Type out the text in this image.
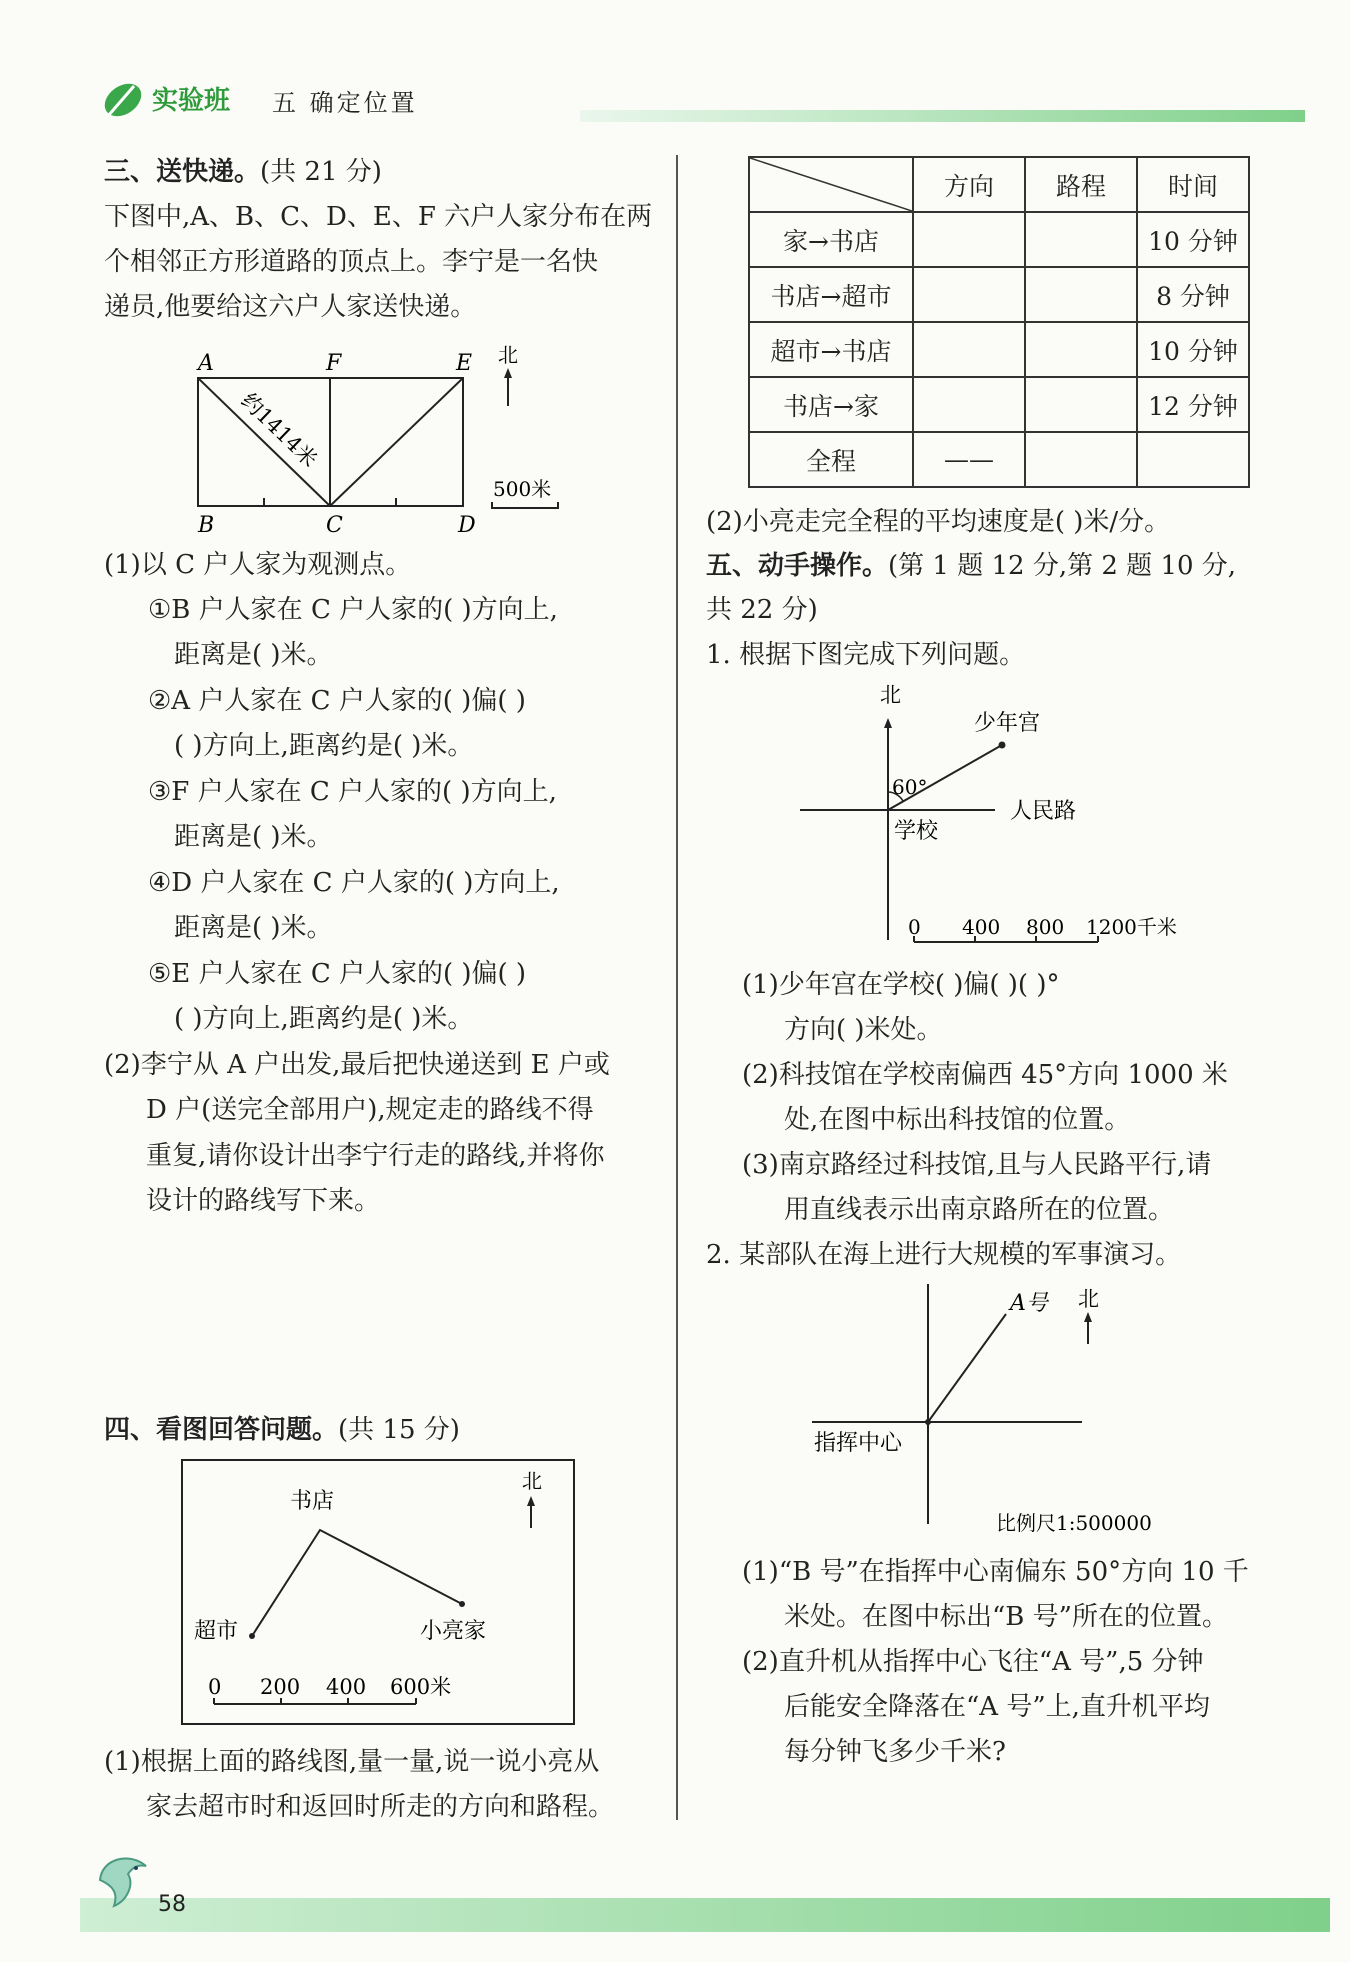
实验班 五 确定位置
三、送快递。(共 21 分)
下图中,A、B、C、D、E、F 六户人家分布在两
个相邻正方形道路的顶点上。李宁是一名快
递员,他要给这六户人家送快递。
A	F	E
B	C	D
约1414米
北
500米
(1)以 C 户人家为观测点。
①B 户人家在 C 户人家的( )方向上,
距离是( )米。
②A 户人家在 C 户人家的( )偏( )
( )方向上,距离约是( )米。
③F 户人家在 C 户人家的( )方向上,
距离是( )米。
④D 户人家在 C 户人家的( )方向上,
距离是( )米。
⑤E 户人家在 C 户人家的( )偏( )
( )方向上,距离约是( )米。
(2)李宁从 A 户出发,最后把快递送到 E 户或
D 户(送完全部用户),规定走的路线不得
重复,请你设计出李宁行走的路线,并将你
设计的路线写下来。
四、看图回答问题。(共 15 分)
书店
超市	小亮家
北
0 200 400 600米
(1)根据上面的路线图,量一量,说一说小亮从
家去超市时和返回时所走的方向和路程。
	方向	路程	时间
家→书店			10 分钟
书店→超市			8 分钟
超市→书店			10 分钟
书店→家			12 分钟
全程	——		
(2)小亮走完全程的平均速度是( )米/分。
五、动手操作。(第 1 题 12 分,第 2 题 10 分,
共 22 分)
1. 根据下图完成下列问题。
北
少年宫
60°
人民路
学校
0 400 800 1200千米
(1)少年宫在学校( )偏( )( )°
方向( )米处。
(2)科技馆在学校南偏西 45°方向 1000 米
处,在图中标出科技馆的位置。
(3)南京路经过科技馆,且与人民路平行,请
用直线表示出南京路所在的位置。
2. 某部队在海上进行大规模的军事演习。
A号 北
指挥中心
比例尺1:500000
(1)“B 号”在指挥中心南偏东 50°方向 10 千
米处。在图中标出“B 号”所在的位置。
(2)直升机从指挥中心飞往“A 号”,5 分钟
后能安全降落在“A 号”上,直升机平均
每分钟飞多少千米?
58
